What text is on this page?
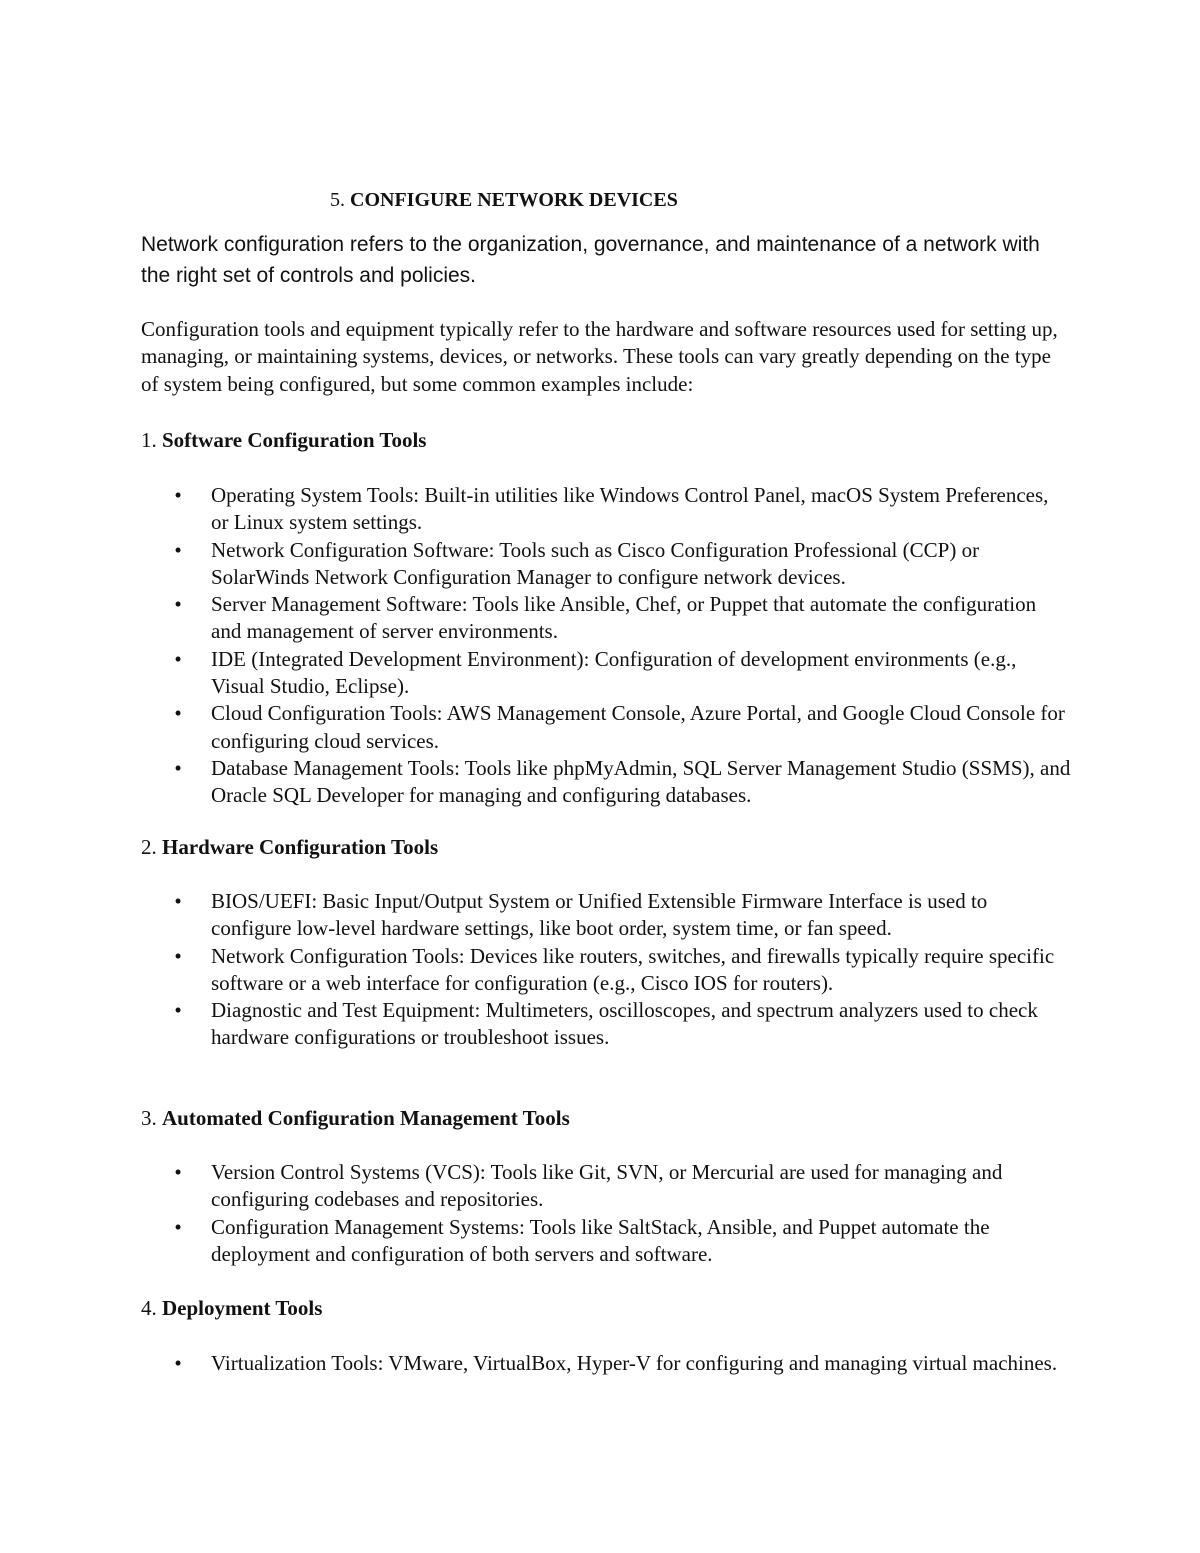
5. CONFIGURE NETWORK DEVICES
Network configuration refers to the organization, governance, and maintenance of a network with the right set of controls and policies.
Configuration tools and equipment typically refer to the hardware and software resources used for setting up, managing, or maintaining systems, devices, or networks. These tools can vary greatly depending on the type of system being configured, but some common examples include:
1. Software Configuration Tools
• Operating System Tools: Built-in utilities like Windows Control Panel, macOS System Preferences, or Linux system settings.
• Network Configuration Software: Tools such as Cisco Configuration Professional (CCP) or SolarWinds Network Configuration Manager to configure network devices.
• Server Management Software: Tools like Ansible, Chef, or Puppet that automate the configuration and management of server environments.
• IDE (Integrated Development Environment): Configuration of development environments (e.g., Visual Studio, Eclipse).
• Cloud Configuration Tools: AWS Management Console, Azure Portal, and Google Cloud Console for configuring cloud services.
• Database Management Tools: Tools like phpMyAdmin, SQL Server Management Studio (SSMS), and Oracle SQL Developer for managing and configuring databases.
2. Hardware Configuration Tools
• BIOS/UEFI: Basic Input/Output System or Unified Extensible Firmware Interface is used to configure low-level hardware settings, like boot order, system time, or fan speed.
• Network Configuration Tools: Devices like routers, switches, and firewalls typically require specific software or a web interface for configuration (e.g., Cisco IOS for routers).
• Diagnostic and Test Equipment: Multimeters, oscilloscopes, and spectrum analyzers used to check hardware configurations or troubleshoot issues.
3. Automated Configuration Management Tools
• Version Control Systems (VCS): Tools like Git, SVN, or Mercurial are used for managing and configuring codebases and repositories.
• Configuration Management Systems: Tools like SaltStack, Ansible, and Puppet automate the deployment and configuration of both servers and software.
4. Deployment Tools
• Virtualization Tools: VMware, VirtualBox, Hyper-V for configuring and managing virtual machines.
